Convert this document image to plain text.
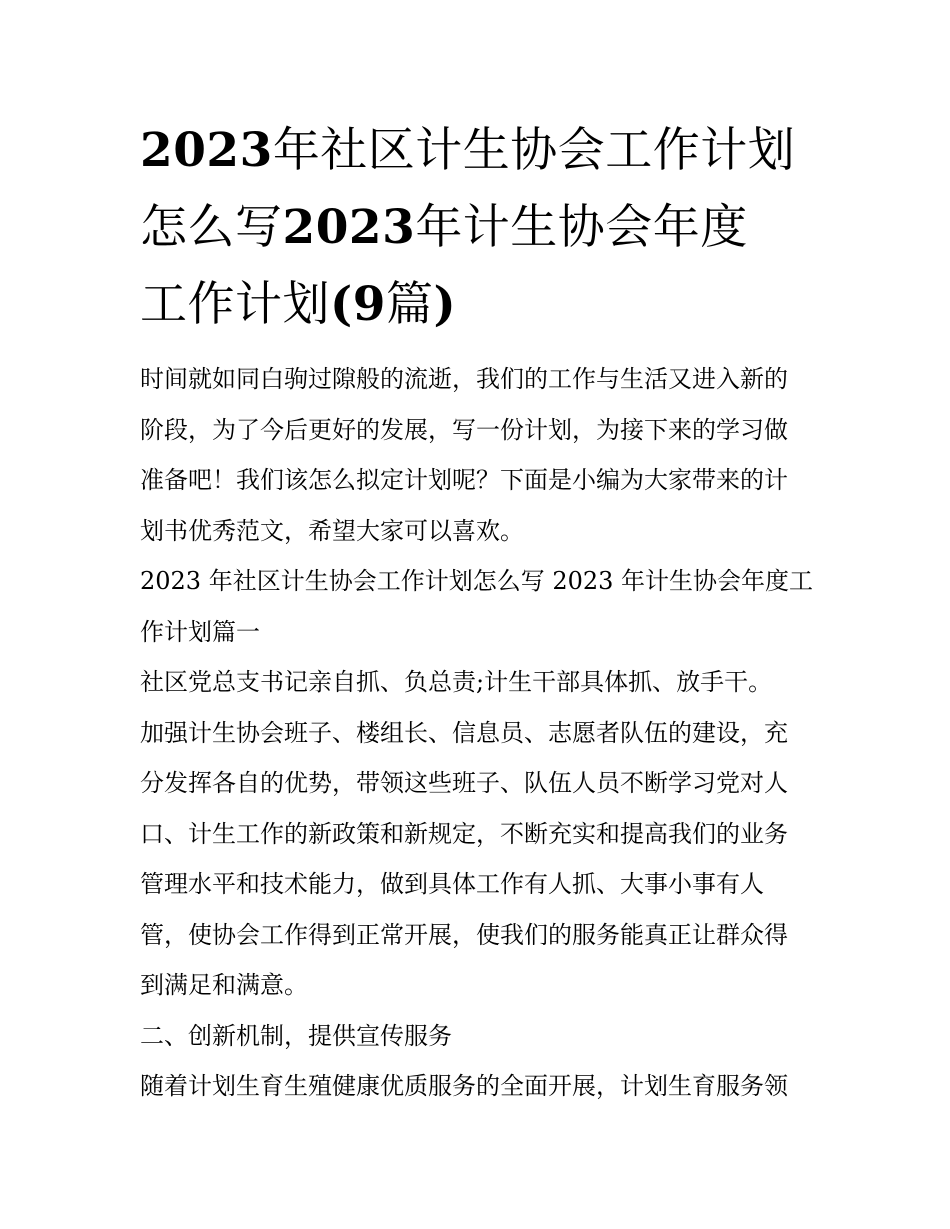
2023年社区计生协会工作计划
怎么写2023年计生协会年度
工作计划(9篇)
时间就如同白驹过隙般的流逝，我们的工作与生活又进入新的
阶段，为了今后更好的发展，写一份计划，为接下来的学习做
准备吧！我们该怎么拟定计划呢？下面是小编为大家带来的计
划书优秀范文，希望大家可以喜欢。
2023 年社区计生协会工作计划怎么写 2023 年计生协会年度工
作计划篇一
社区党总支书记亲自抓、负总责;计生干部具体抓、放手干。
加强计生协会班子、楼组长、信息员、志愿者队伍的建设，充
分发挥各自的优势，带领这些班子、队伍人员不断学习党对人
口、计生工作的新政策和新规定，不断充实和提高我们的业务
管理水平和技术能力，做到具体工作有人抓、大事小事有人
管，使协会工作得到正常开展，使我们的服务能真正让群众得
到满足和满意。
二、创新机制，提供宣传服务
随着计划生育生殖健康优质服务的全面开展，计划生育服务领
